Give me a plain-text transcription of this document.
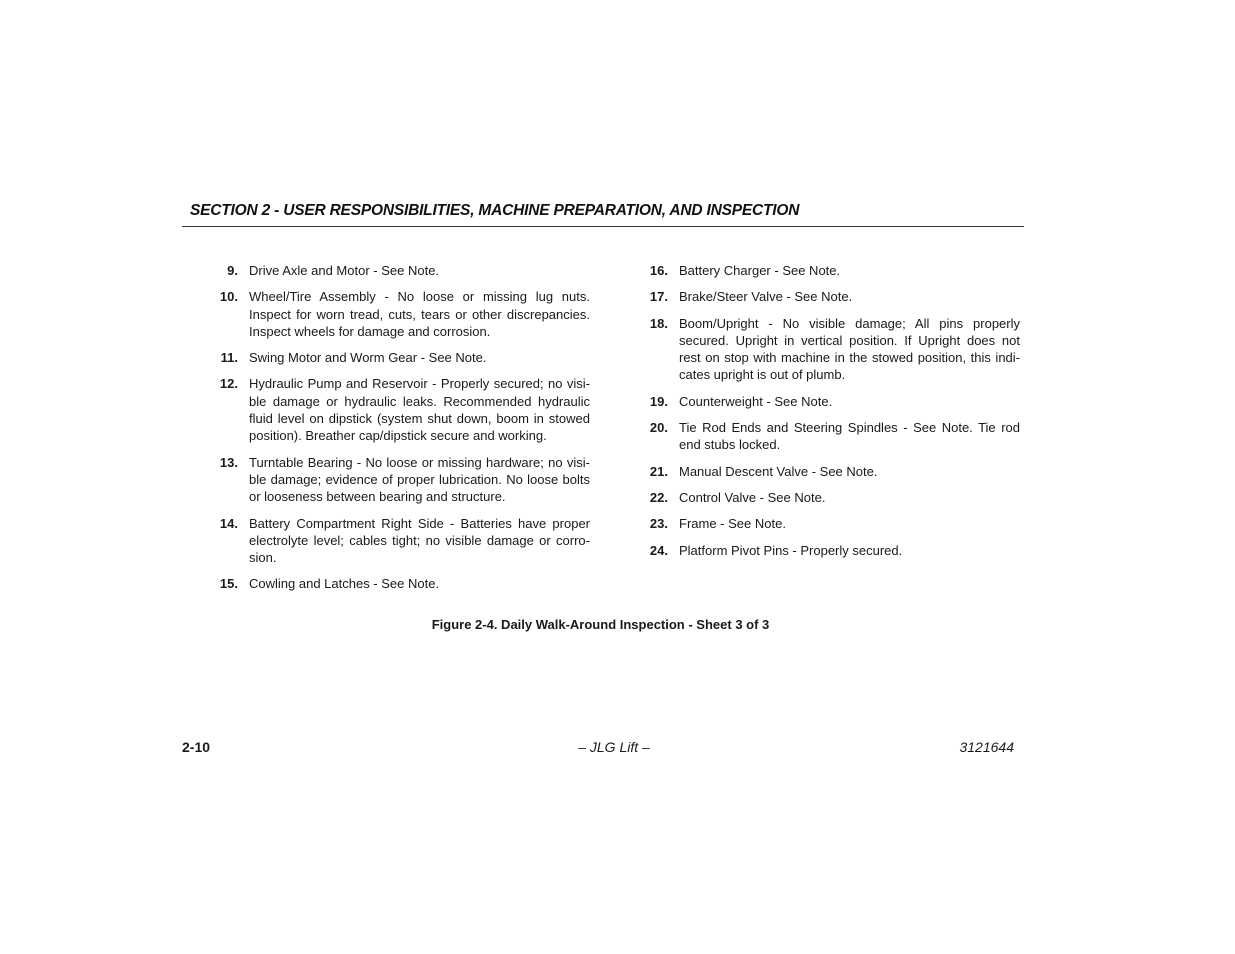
SECTION 2 - USER RESPONSIBILITIES, MACHINE PREPARATION, AND INSPECTION
9. Drive Axle and Motor - See Note.
10. Wheel/Tire Assembly - No loose or missing lug nuts. Inspect for worn tread, cuts, tears or other discrepancies. Inspect wheels for damage and corrosion.
11. Swing Motor and Worm Gear - See Note.
12. Hydraulic Pump and Reservoir - Properly secured; no visi-ble damage or hydraulic leaks. Recommended hydraulic fluid level on dipstick (system shut down, boom in stowed position). Breather cap/dipstick secure and working.
13. Turntable Bearing - No loose or missing hardware; no visi-ble damage; evidence of proper lubrication. No loose bolts or looseness between bearing and structure.
14. Battery Compartment Right Side - Batteries have proper electrolyte level; cables tight; no visible damage or corro-sion.
15. Cowling and Latches - See Note.
16. Battery Charger - See Note.
17. Brake/Steer Valve - See Note.
18. Boom/Upright - No visible damage; All pins properly secured. Upright in vertical position. If Upright does not rest on stop with machine in the stowed position, this indi-cates upright is out of plumb.
19. Counterweight - See Note.
20. Tie Rod Ends and Steering Spindles - See Note. Tie rod end stubs locked.
21. Manual Descent Valve - See Note.
22. Control Valve - See Note.
23. Frame - See Note.
24. Platform Pivot Pins - Properly secured.
Figure 2-4. Daily Walk-Around Inspection - Sheet 3 of 3
2-10	– JLG Lift –	3121644
